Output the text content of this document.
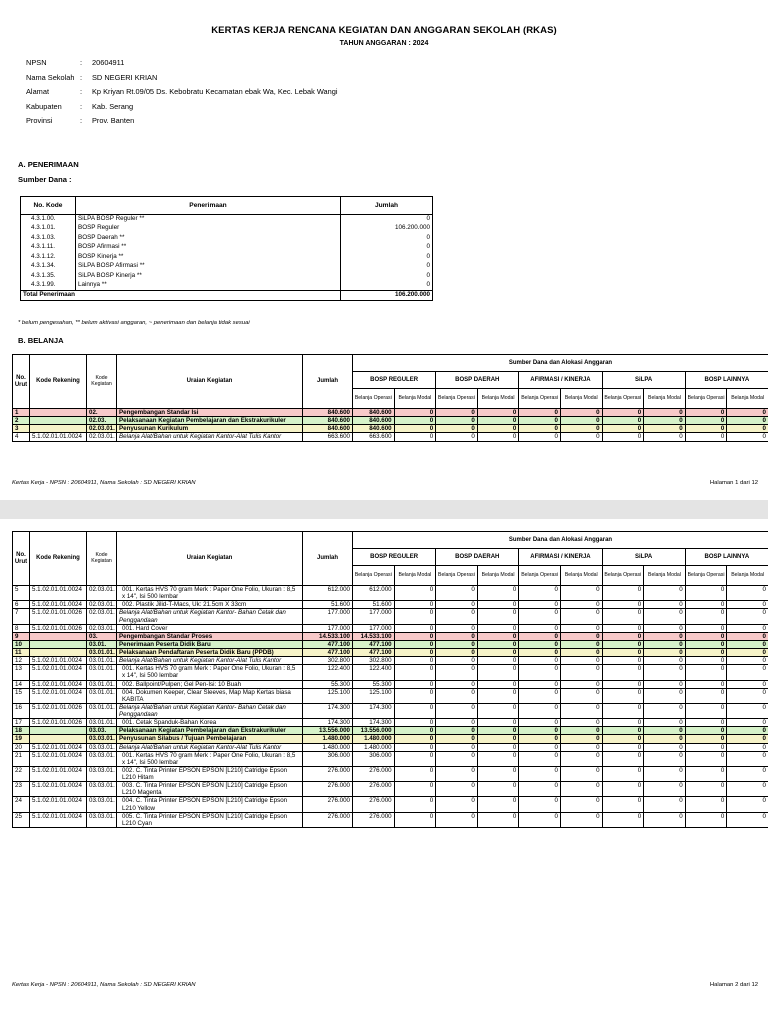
KERTAS KERJA RENCANA KEGIATAN DAN ANGGARAN SEKOLAH (RKAS)
TAHUN ANGGARAN : 2024
NPSN	:	20604911
Nama Sekolah :	SD NEGERI KRIAN
Alamat	:	Kp Kriyan Rt.09/05 Ds. Kebobratu Kecamatan ebak Wa, Kec. Lebak Wangi
Kabupaten	:	Kab. Serang
Provinsi	:	Prov. Banten
A. PENERIMAAN
Sumber Dana :
No. Kode	Penerimaan	Jumlah
4.3.1.00.	SiLPA BOSP Reguler **	0
4.3.1.01.	BOSP Reguler	106.200.000
4.3.1.03.	BOSP Daerah **	0
4.3.1.11.	BOSP Afirmasi **	0
4.3.1.12.	BOSP Kinerja **	0
4.3.1.34.	SiLPA BOSP Afirmasi **	0
4.3.1.35.	SiLPA BOSP Kinerja **	0
4.3.1.99.	Lainnya **	0
Total Penerimaan		106.200.000
* belum pengesahan, ** belum aktivasi anggaran, ~ penerimaan dan belanja tidak sesuai
B. BELANJA
No. Urut	Kode Rekening	Kode Kegiatan	Uraian Kegiatan	Jumlah	Sumber Dana dan Alokasi Anggaran									
					BOSP REGULER		BOSP DAERAH		AFIRMASI / KINERJA		SiLPA		BOSP LAINNYA	
					Belanja Operasi	Belanja Modal	Belanja Operasi	Belanja Modal	Belanja Operasi	Belanja Modal	Belanja Operasi	Belanja Modal	Belanja Operasi	Belanja Modal
1		02.	Pengembangan Standar Isi	840.600	840.600	0	0	0	0	0	0	0	0	0
2		02.03.	Pelaksanaan Kegiatan Pembelajaran dan Ekstrakurikuler	840.600	840.600	0	0	0	0	0	0	0	0	0
3		02.03.01.	Penyusunan Kurikulum	840.600	840.600	0	0	0	0	0	0	0	0	0
4	5.1.02.01.01.0024	02.03.01.	Belanja Alat/Bahan untuk Kegiatan Kantor-Alat Tulis Kantor	663.600	663.600	0	0	0	0	0	0	0	0	0
Kertas Kerja - NPSN : 20604911, Nama Sekolah : SD NEGERI KRIAN	Halaman 1 dari 12
No. Urut	Kode Rekening	Kode Kegiatan	Uraian Kegiatan	Jumlah	Sumber Dana dan Alokasi Anggaran									
					BOSP REGULER		BOSP DAERAH		AFIRMASI / KINERJA		SiLPA		BOSP LAINNYA	
					Belanja Operasi	Belanja Modal	Belanja Operasi	Belanja Modal	Belanja Operasi	Belanja Modal	Belanja Operasi	Belanja Modal	Belanja Operasi	Belanja Modal
5	5.1.02.01.01.0024	02.03.01.	001. Kertas HVS 70 gram Merk : Paper One Folio, Ukuran : 8,5 x 14", Isi 500 lembar	612.000	612.000	0	0	0	0	0	0	0	0	0
6	5.1.02.01.01.0024	02.03.01.	002. Plastik Jilid-T-Macs, Uk: 21.5cm X 33cm	51.600	51.600	0	0	0	0	0	0	0	0	0
7	5.1.02.01.01.0026	02.03.01.	Belanja Alat/Bahan untuk Kegiatan Kantor- Bahan Cetak dan Penggandaan	177.000	177.000	0	0	0	0	0	0	0	0	0
8	5.1.02.01.01.0026	02.03.01.	001. Hard Cover	177.000	177.000	0	0	0	0	0	0	0	0	0
9		03.	Pengembangan Standar Proses	14.533.100	14.533.100	0	0	0	0	0	0	0	0	0
10		03.01.	Penerimaan Peserta Didik Baru	477.100	477.100	0	0	0	0	0	0	0	0	0
11		03.01.01.	Pelaksanaan Pendaftaran Peserta Didik Baru (PPDB)	477.100	477.100	0	0	0	0	0	0	0	0	0
12	5.1.02.01.01.0024	03.01.01.	Belanja Alat/Bahan untuk Kegiatan Kantor-Alat Tulis Kantor	302.800	302.800	0	0	0	0	0	0	0	0	0
13	5.1.02.01.01.0024	03.01.01.	001. Kertas HVS 70 gram Merk : Paper One Folio, Ukuran : 8,5 x 14", Isi 500 lembar	122.400	122.400	0	0	0	0	0	0	0	0	0
14	5.1.02.01.01.0024	03.01.01.	002. Ballpoint/Pulpen; Gel Pen-Isi: 10 Buah	55.300	55.300	0	0	0	0	0	0	0	0	0
15	5.1.02.01.01.0024	03.01.01.	004. Dokumen Keeper, Clear Sleeves, Map Map Kertas biasa KABITA	125.100	125.100	0	0	0	0	0	0	0	0	0
16	5.1.02.01.01.0026	03.01.01.	Belanja Alat/Bahan untuk Kegiatan Kantor- Bahan Cetak dan Penggandaan	174.300	174.300	0	0	0	0	0	0	0	0	0
17	5.1.02.01.01.0026	03.01.01.	001. Cetak Spanduk-Bahan Korea	174.300	174.300	0	0	0	0	0	0	0	0	0
18		03.03.	Pelaksanaan Kegiatan Pembelajaran dan Ekstrakurikuler	13.556.000	13.556.000	0	0	0	0	0	0	0	0	0
19		03.03.01.	Penyusunan Silabus / Tujuan Pembelajaran	1.480.000	1.480.000	0	0	0	0	0	0	0	0	0
20	5.1.02.01.01.0024	03.03.01.	Belanja Alat/Bahan untuk Kegiatan Kantor-Alat Tulis Kantor	1.480.000	1.480.000	0	0	0	0	0	0	0	0	0
21	5.1.02.01.01.0024	03.03.01.	001. Kertas HVS 70 gram Merk : Paper One Folio, Ukuran : 8,5 x 14", Isi 500 lembar	306.000	306.000	0	0	0	0	0	0	0	0	0
22	5.1.02.01.01.0024	03.03.01.	002. C. Tinta Printer EPSON EPSON [L210] Catridge Epson L210 Hitam	276.000	276.000	0	0	0	0	0	0	0	0	0
23	5.1.02.01.01.0024	03.03.01.	003. C. Tinta Printer EPSON EPSON [L210] Catridge Epson L210 Magenta	276.000	276.000	0	0	0	0	0	0	0	0	0
24	5.1.02.01.01.0024	03.03.01.	004. C. Tinta Printer EPSON EPSON [L210] Catridge Epson L210 Yellow	276.000	276.000	0	0	0	0	0	0	0	0	0
25	5.1.02.01.01.0024	03.03.01.	005. C. Tinta Printer EPSON EPSON [L210] Catridge Epson L210 Cyan	276.000	276.000	0	0	0	0	0	0	0	0	0
Kertas Kerja - NPSN : 20604911, Nama Sekolah : SD NEGERI KRIAN	Halaman 2 dari 12
